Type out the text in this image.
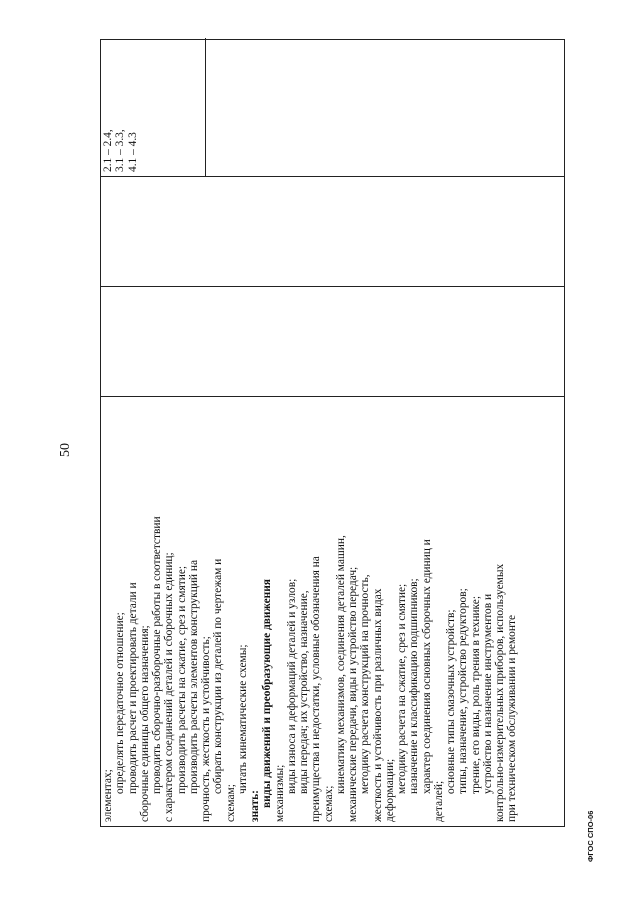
50
элементах;
определять передаточное отношение; проводить расчет и проектировать детали и сборочные единицы общего назначения; проводить сборочно-разборочные работы в соответствии с характером соединений деталей и сборочных единиц; производить расчеты на сжатие, срез и смятие; производить расчеты элементов конструкций на прочность, жесткость и устойчивость; собирать конструкции из деталей по чертежам и
схемам;
читать кинематические схемы;
знать: виды движений и преобразующие движения механизмы; виды износа и деформаций деталей и узлов; виды передач; их устройство, назначение, преимущества и недостатки, условные обозначения на схемах;
кинематику механизмов, соединения деталей машин, механические передачи, виды и устройство передач; методику расчета конструкций на прочность, жесткость и устойчивость при различных видах деформации; методику расчета на сжатие, срез и смятие; назначение и классификацию подшипников; характер соединения основных сборочных единиц и
деталей;
основные типы смазочных устройств; типы, назначение, устройство редукторов; трение, его виды, роль трения в технике; устройство и назначение инструментов и контрольно-измерительных приборов, используемых при техническом обслуживании и ремонте
2.1 – 2.4, 3.1 – 3.3, 4.1 – 4.3
ФГОС СПО-06
